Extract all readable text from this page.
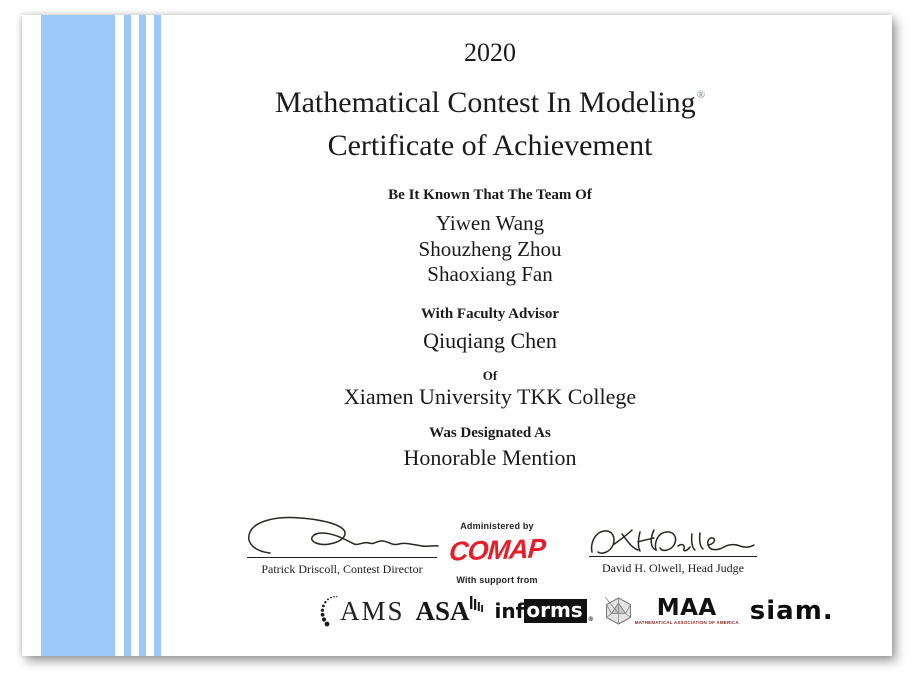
2020
Mathematical Contest In Modeling®
Certificate of Achievement
Be It Known That The Team Of
Yiwen Wang
Shouzheng Zhou
Shaoxiang Fan
With Faculty Advisor
Qiuqiang Chen
Of
Xiamen University TKK College
Was Designated As
Honorable Mention
Patrick Driscoll, Contest Director
Administered by
COMAP
With support from
David H. Olwell, Head Judge
AMS ASA inf orms ®	MAA
MATHEMATICAL ASSOCIATION OF AMERICA siam.
